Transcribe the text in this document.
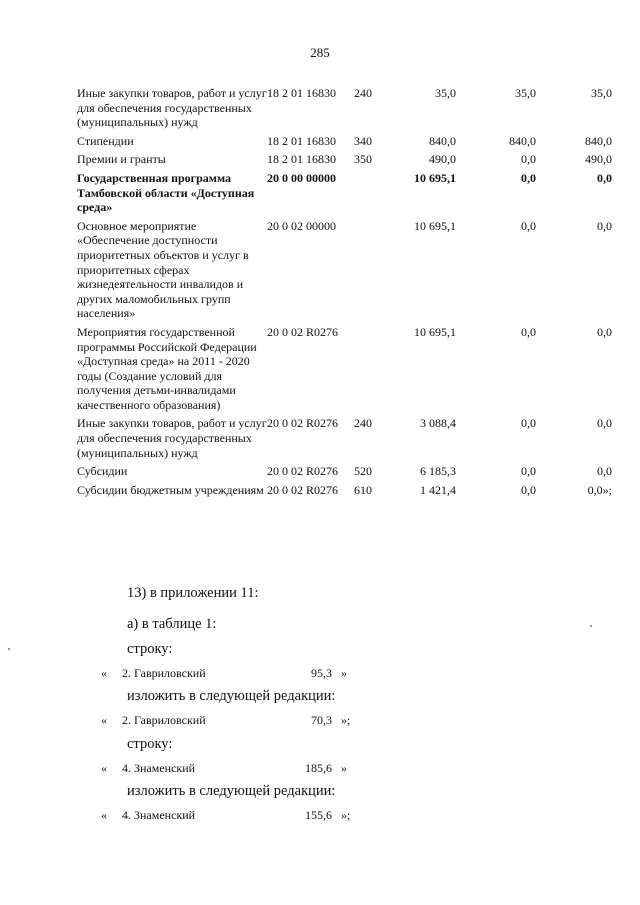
285
Иные закупки товаров, работ и услуг для обеспечения государственных (муниципальных) нужд	18 2 01 16830	240	35,0	35,0	35,0
Стипендии	18 2 01 16830	340	840,0	840,0	840,0
Премии и гранты	18 2 01 16830	350	490,0	0,0	490,0
Государственная программа Тамбовской области «Доступная среда»	20 0 00 00000		10 695,1	0,0	0,0
Основное мероприятие «Обеспечение доступности приоритетных объектов и услуг в приоритетных сферах жизнедеятельности инвалидов и других маломобильных групп населения»	20 0 02 00000		10 695,1	0,0	0,0
Мероприятия государственной программы Российской Федерации «Доступная среда» на 2011 - 2020 годы (Создание условий для получения детьми-инвалидами качественного образования)	20 0 02 R0276		10 695,1	0,0	0,0
Иные закупки товаров, работ и услуг для обеспечения государственных (муниципальных) нужд	20 0 02 R0276	240	3 088,4	0,0	0,0
Субсидии	20 0 02 R0276	520	6 185,3	0,0	0,0
Субсидии бюджетным учреждениям	20 0 02 R0276	610	1 421,4	0,0	0,0»;
13) в приложении 11:
а) в таблице 1:
строку:
« 2. Гавриловский	95,3 »
изложить в следующей редакции:
« 2. Гавриловский	70,3 »;
строку:
« 4. Знаменский	185,6 »
изложить в следующей редакции:
« 4. Знаменский	155,6 »;
